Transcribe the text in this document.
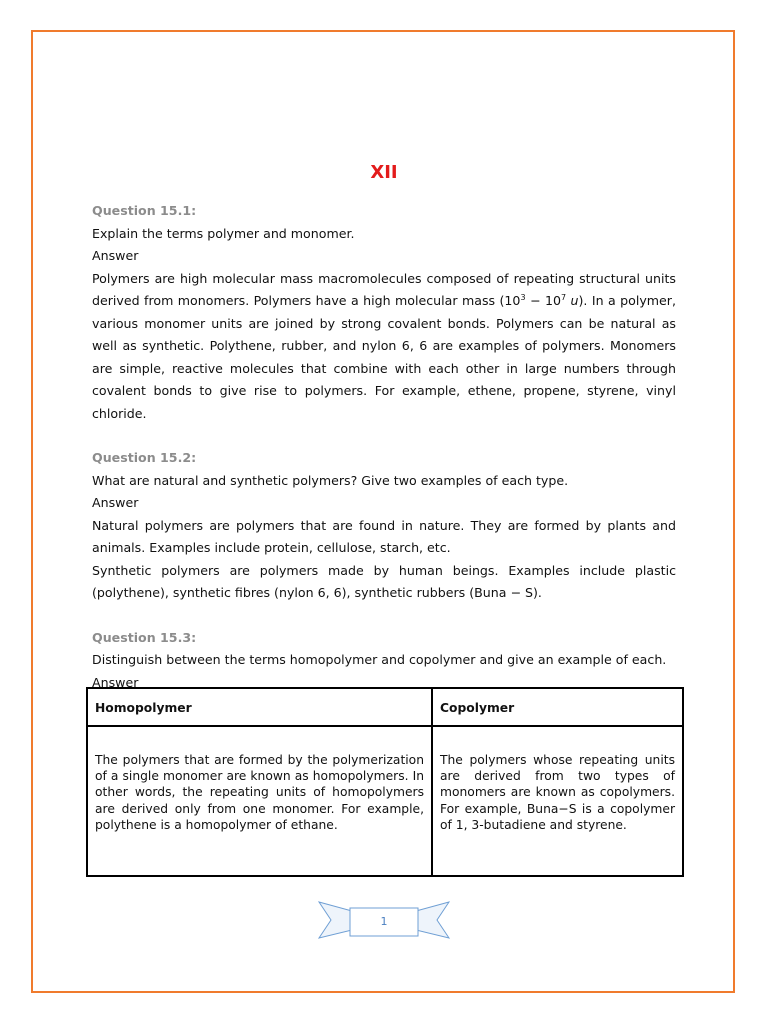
XII

Question 15.1:

Explain the terms polymer and monomer.

Answer

Polymers are high molecular mass macromolecules composed of repeating structural units derived from monomers. Polymers have a high molecular mass ($10^3 - 10^7$ u). In a polymer, various monomer units are joined by strong covalent bonds. Polymers can be natural as well as synthetic. Polythene, rubber, and nylon 6, 6 are examples of polymers. Monomers are simple, reactive molecules that combine with each other in large numbers through covalent bonds to give rise to polymers. For example, ethene, propene, styrene, vinyl chloride.

Question 15.2:

What are natural and synthetic polymers? Give two examples of each type.

Answer

Natural polymers are polymers that are found in nature. They are formed by plants and animals. Examples include protein, cellulose, starch, etc.

Synthetic polymers are polymers made by human beings. Examples include plastic (polythene), synthetic fibres (nylon 6, 6), synthetic rubbers (Buna − S).

Question 15.3:

Distinguish between the terms homopolymer and copolymer and give an example of each.

Answer

Homopolymer	Copolymer
The polymers that are formed by the polymerization of a single monomer are known as homopolymers. In other words, the repeating units of homopolymers are derived only from one monomer. For example, polythene is a homopolymer of ethane.	The polymers whose repeating units are derived from two types of monomers are known as copolymers. For example, Buna−S is a copolymer of 1, 3-butadiene and styrene.
1
